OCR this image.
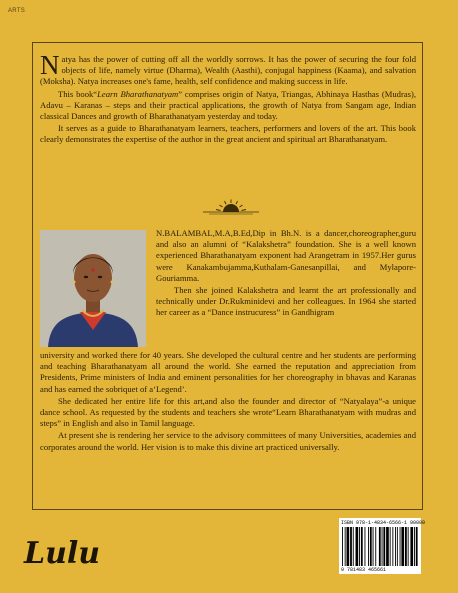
ARTS

Natya has the power of cutting off all the worldly sorrows. It has the power of securing the four fold objects of life, namely virtue (Dharma), Wealth (Aasthi), conjugal happiness (Kaama), and salvation (Moksha). Natya increases one's fame, health, self confidence and making success in life.

This book“Learn Bharathanatyam” comprises origin of Natya, Triangas, Abhinaya Hasthas (Mudras), Adavu – Karanas – steps and their practical applications, the growth of Natya from Sangam age, Indian classical Dances and growth of Bharathanatyam yesterday and today.

It serves as a guide to Bharathanatyam learners, teachers, performers and lovers of the art. This book clearly demonstrates the expertise of the author in the great ancient and spiritual art Bharathanatyam.

N.BALAMBAL,M.A,B.Ed,Dip in Bh.N. is a dancer,choreographer,guru and also an alumni of “Kalakshetra” foundation. She is a well known experienced Bharathanatyam exponent had Arangetram in 1957.Her gurus were Kanakambujamma,Kuthalam-Ganesanpillai, and Mylapore-Gouriamma.

Then she joined Kalakshetra and learnt the art professionally and technically under Dr.Rukminidevi and her colleagues. In 1964 she started her career as a “Dance instrucuress” in Gandhigram

university and worked there for 40 years. She developed the cultural centre and her students are performing and teaching Bharathanatyam all around the world. She earned the reputation and appreciation from Presidents, Prime ministers of India and eminent personalities for her choreography in bhavas and Karanas and has earned the sobriquet of a‘Legend’.

She dedicated her entire life for this art,and also the founder and director of “Natyalaya”-a unique dance school. As requested by the students and teachers she wrote“Learn Bharathanatyam with mudras and steps” in English and also in Tamil language.

At present she is rendering her service to the advisory committees of many Universities, academies and corporates around the world. Her vision is to make this divine art practiced universally.

ISBN 978-1-4834-6566-1 90000
9 781483 465661
Lulu
